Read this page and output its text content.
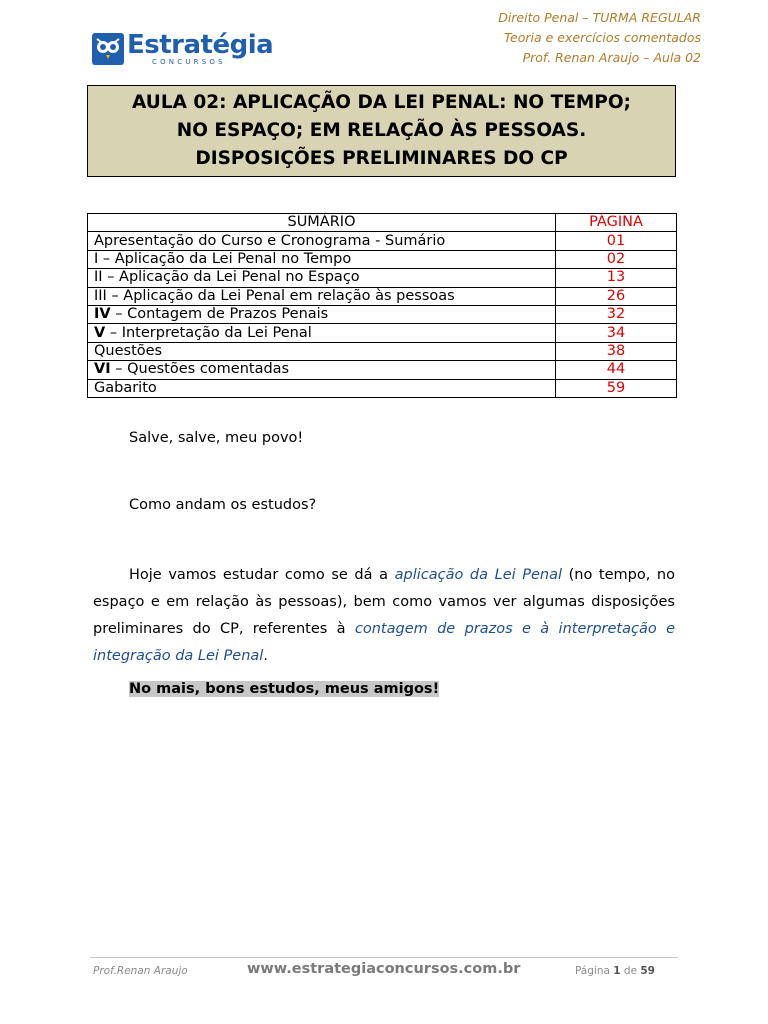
Estratégia
CONCURSOS
Direito Penal – TURMA REGULAR
Teoria e exercícios comentados
Prof. Renan Araujo – Aula 02
AULA 02: APLICAÇÃO DA LEI PENAL: NO TEMPO;
NO ESPAÇO; EM RELAÇÃO ÀS PESSOAS.
DISPOSIÇÕES PRELIMINARES DO CP
SUMÁRIO	PÁGINA
Apresentação do Curso e Cronograma - Sumário	01
I – Aplicação da Lei Penal no Tempo	02
II – Aplicação da Lei Penal no Espaço	13
III – Aplicação da Lei Penal em relação às pessoas	26
IV – Contagem de Prazos Penais	32
V – Interpretação da Lei Penal	34
Questões	38
VI – Questões comentadas	44
Gabarito	59
Salve, salve, meu povo!
Como andam os estudos?
Hoje vamos estudar como se dá a aplicação da Lei Penal (no tempo, no espaço e em relação às pessoas), bem como vamos ver algumas disposições preliminares do CP, referentes à contagem de prazos e à interpretação e integração da Lei Penal.
No mais, bons estudos, meus amigos!
Prof.Renan Araujo	www.estrategiaconcursos.com.br	Página 1 de 59
